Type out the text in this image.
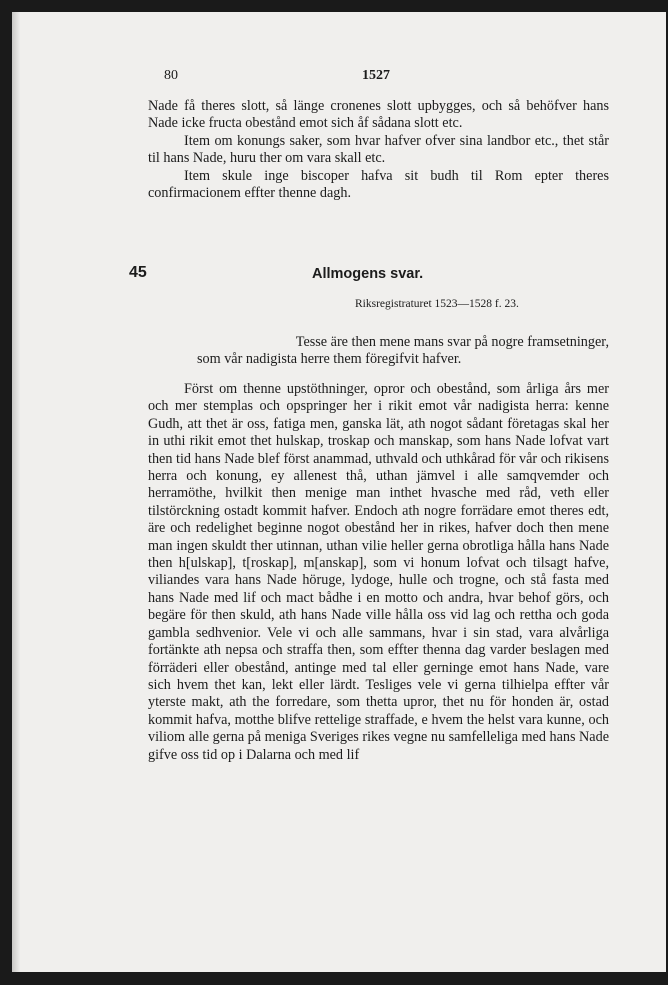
80	1527

Nade få theres slott, så länge cronenes slott upbygges, och så behöfver hans Nade icke fructa obestånd emot sich åf sådana slott etc.

Item om konungs saker, som hvar hafver ofver sina landbor etc., thet står til hans Nade, huru ther om vara skall etc.

Item skule inge biscoper hafva sit budh til Rom epter theres confirmacionem effter thenne dagh.

45	Allmogens svar.
Riksregistraturet 1523—1528 f. 23.
Tesse äre then mene mans svar på nogre framsetninger,
som vår nadigista herre them föregifvit hafver.

Först om thenne upstöthninger, opror och obestånd, som årliga års mer och mer stemplas och opspringer her i rikit emot vår nadigista herra: kenne Gudh, att thet är oss, fatiga men, ganska lät, ath nogot sådant företagas skal her in uthi rikit emot thet hulskap, troskap och manskap, som hans Nade lofvat vart then tid hans Nade blef först anammad, uthvald och uthkårad för vår och rikisens herra och konung, ey allenest thå, uthan jämvel i alle samqvemder och herramöthe, hvilkit then menige man inthet hvasche med råd, veth eller tilstörckning ostadt kommit hafver. Endoch ath nogre forrädare emot theres edt, äre och redelighet beginne nogot obestånd her in rikes, hafver doch then mene man ingen skuldt ther utinnan, uthan vilie heller gerna obrotliga hålla hans Nade then h[ulskap], t[roskap], m[anskap], som vi honum lofvat och tilsagt hafve, viliandes vara hans Nade höruge, lydoge, hulle och trogne, och stå fasta med hans Nade med lif och mact bådhe i en motto och andra, hvar behof görs, och begäre för then skuld, ath hans Nade ville hålla oss vid lag och rettha och goda gambla sedhvenior. Vele vi och alle sammans, hvar i sin stad, vara alvårliga fortänkte ath nepsa och straffa then, som effter thenna dag varder beslagen med förräderi eller obestånd, antinge med tal eller gerninge emot hans Nade, vare sich hvem thet kan, lekt eller lärdt. Tesliges vele vi gerna tilhielpa effter vår yterste makt, ath the forredare, som thetta upror, thet nu för honden är, ostad kommit hafva, motthe blifve rettelige straffade, e hvem the helst vara kunne, och viliom alle gerna på meniga Sveriges rikes vegne nu samfelleliga med hans Nade gifve oss tid op i Dalarna och med lif
